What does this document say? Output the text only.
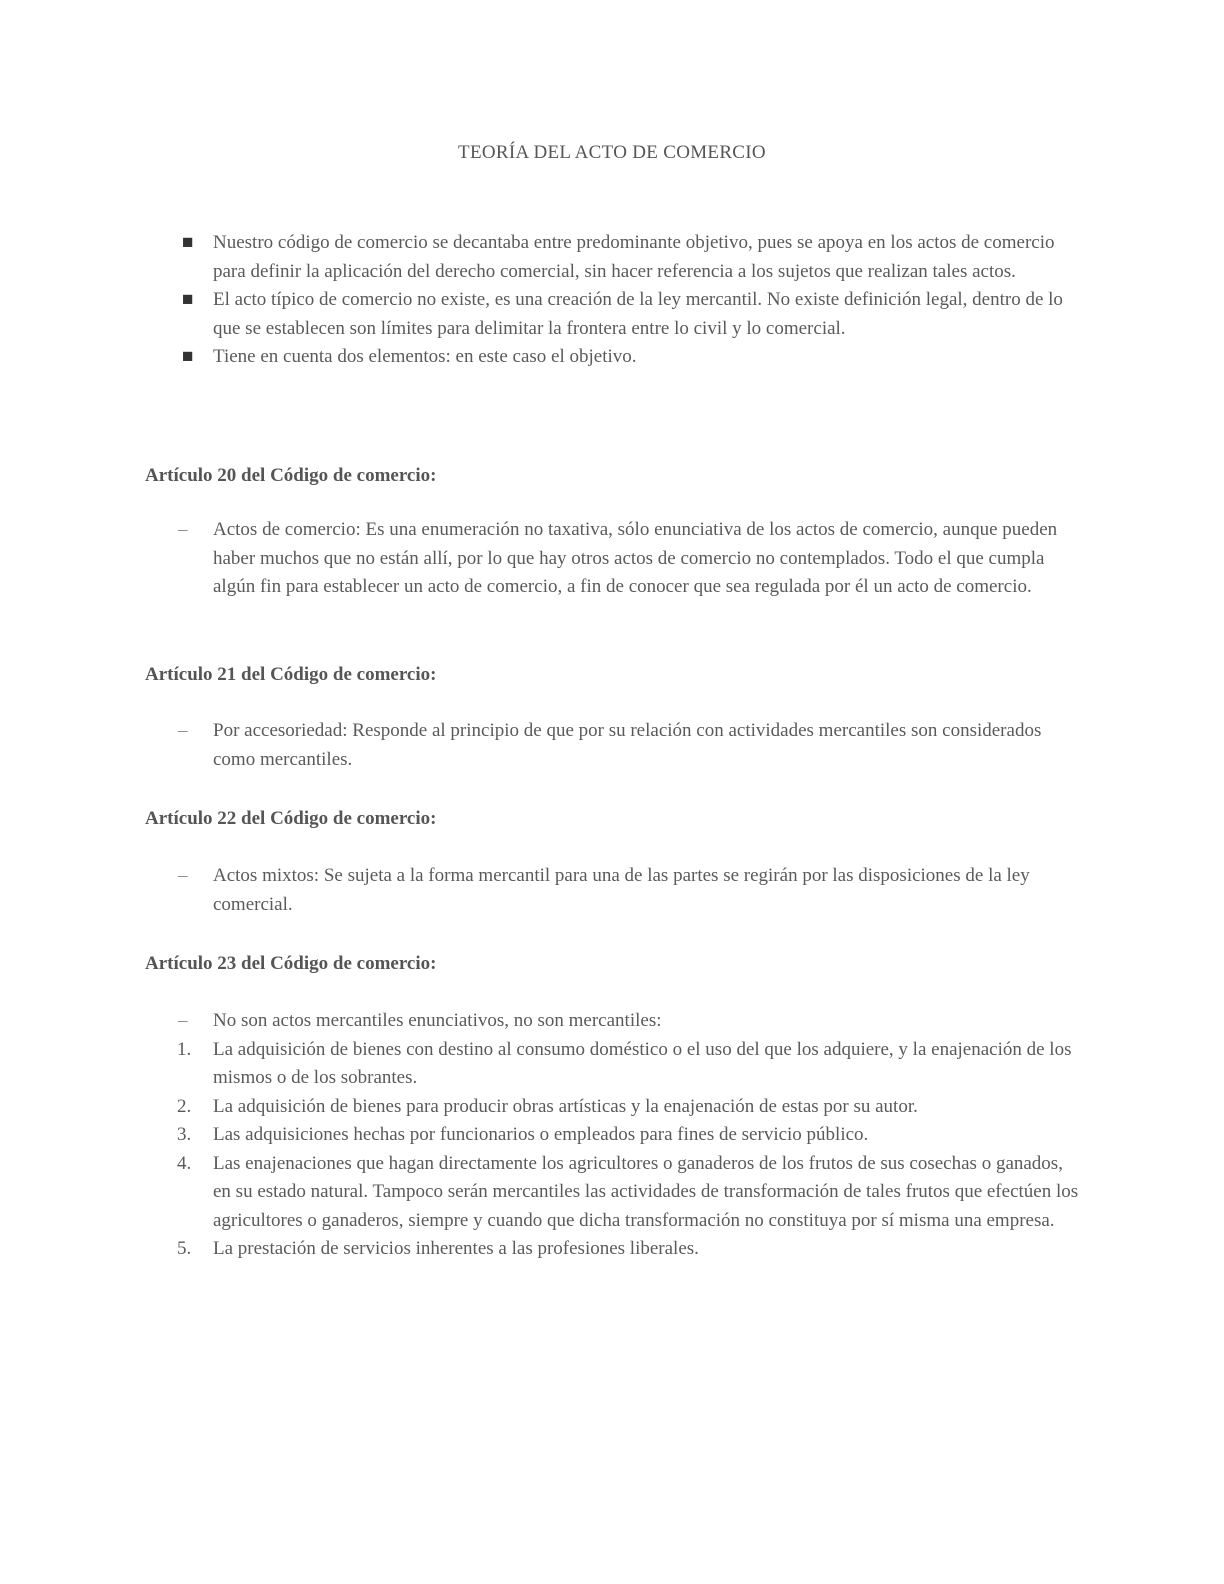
TEORÍA DEL ACTO DE COMERCIO
■ Nuestro código de comercio se decantaba entre predominante objetivo, pues se apoya en los actos de comercio para definir la aplicación del derecho comercial, sin hacer referencia a los sujetos que realizan tales actos.
■ El acto típico de comercio no existe, es una creación de la ley mercantil. No existe definición legal, dentro de lo que se establecen son límites para delimitar la frontera entre lo civil y lo comercial.
■ Tiene en cuenta dos elementos: en este caso el objetivo.
Artículo 20 del Código de comercio:
– Actos de comercio: Es una enumeración no taxativa, sólo enunciativa de los actos de comercio, aunque pueden haber muchos que no están allí, por lo que hay otros actos de comercio no contemplados. Todo el que cumpla algún fin para establecer un acto de comercio, a fin de conocer que sea regulada por él un acto de comercio.
Artículo 21 del Código de comercio:
– Por accesoriedad: Responde al principio de que por su relación con actividades mercantiles son considerados como mercantiles.
Artículo 22 del Código de comercio:
– Actos mixtos: Se sujeta a la forma mercantil para una de las partes se regirán por las disposiciones de la ley comercial.
Artículo 23 del Código de comercio:
– No son actos mercantiles enunciativos, no son mercantiles:
1. La adquisición de bienes con destino al consumo doméstico o el uso del que los adquiere, y la enajenación de los mismos o de los sobrantes.
2. La adquisición de bienes para producir obras artísticas y la enajenación de estas por su autor.
3. Las adquisiciones hechas por funcionarios o empleados para fines de servicio público.
4. Las enajenaciones que hagan directamente los agricultores o ganaderos de los frutos de sus cosechas o ganados, en su estado natural. Tampoco serán mercantiles las actividades de transformación de tales frutos que efectúen los agricultores o ganaderos, siempre y cuando que dicha transformación no constituya por sí misma una empresa.
5. La prestación de servicios inherentes a las profesiones liberales.
